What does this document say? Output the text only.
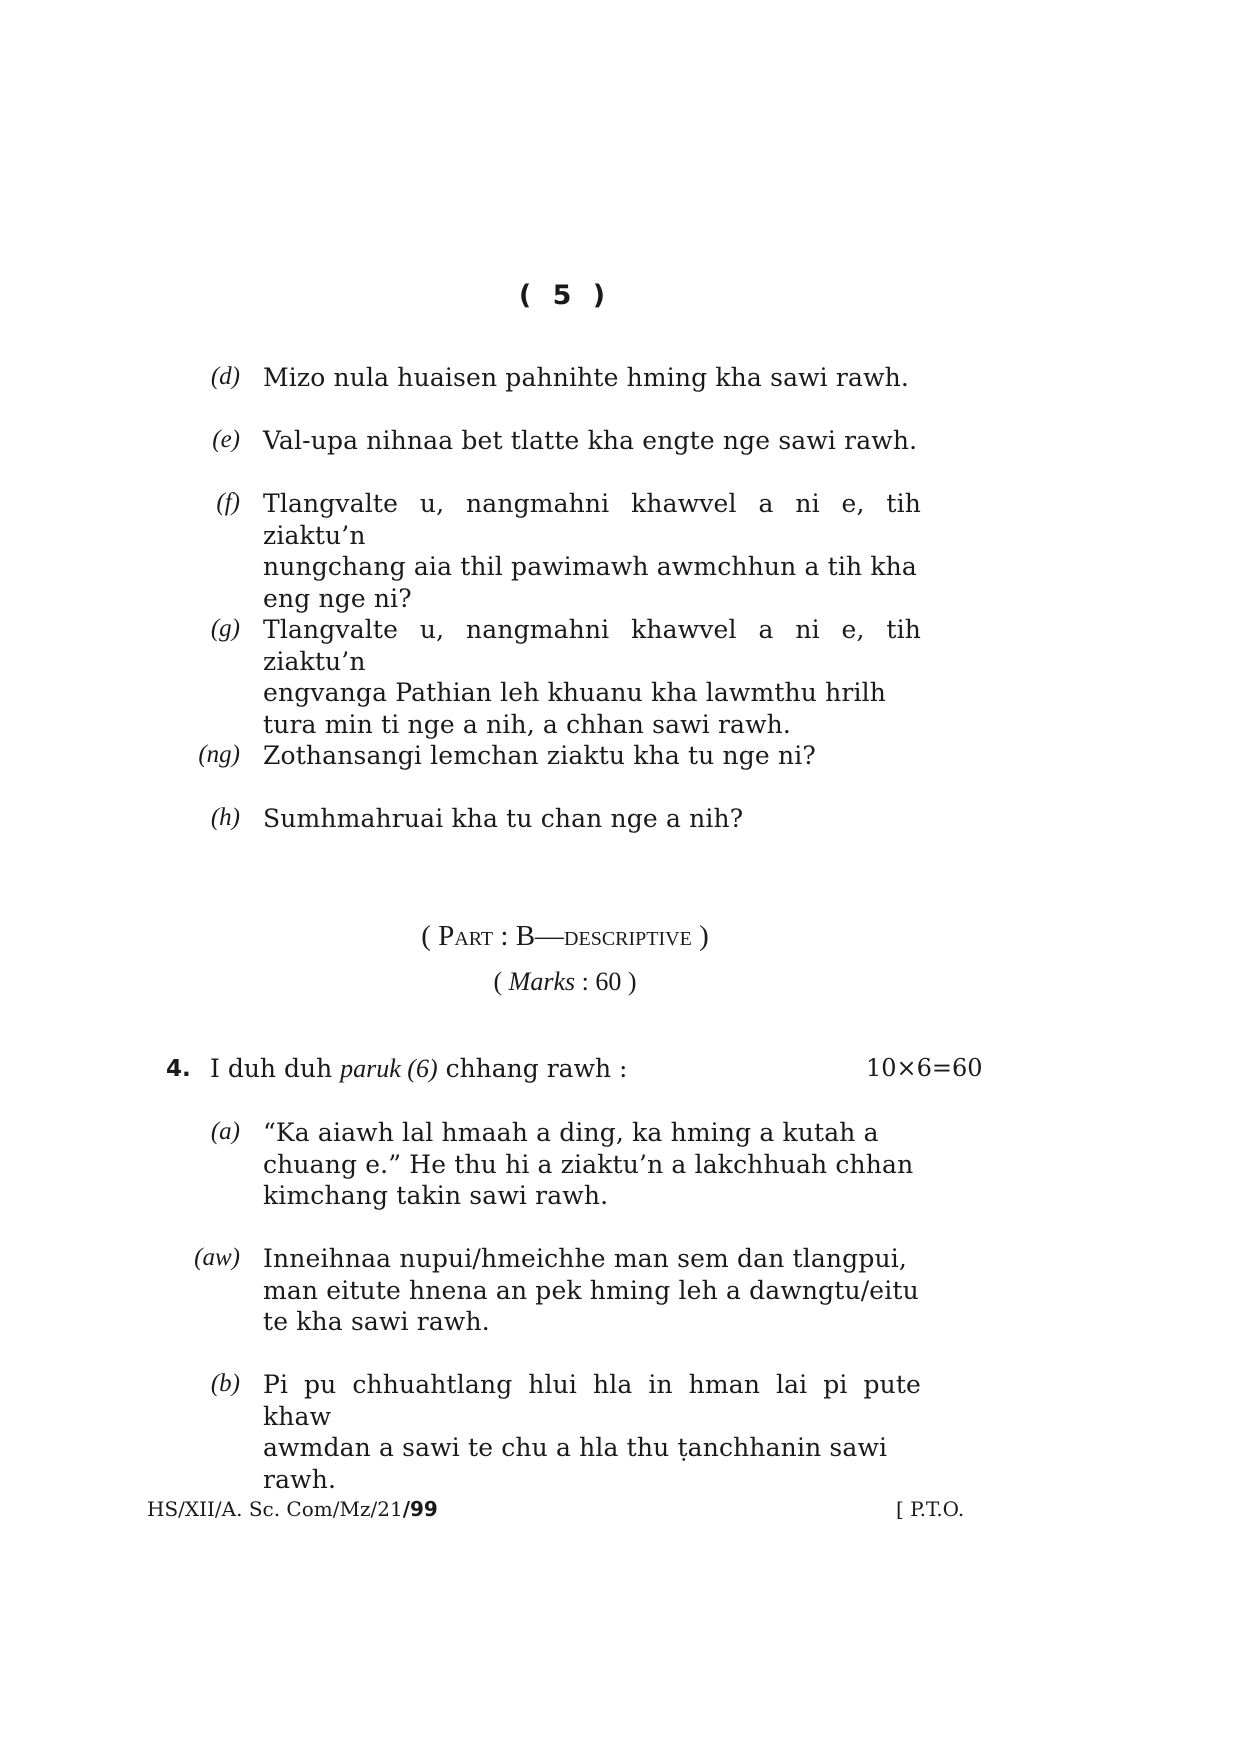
( 5 )
(d) Mizo nula huaisen pahnihte hming kha sawi rawh.
(e) Val-upa nihnaa bet tlatte kha engte nge sawi rawh.
(f) Tlangvalte u, nangmahni khawvel a ni e, tih ziaktu’n
nungchang aia thil pawimawh awmchhun a tih kha
eng nge ni?
(g) Tlangvalte u, nangmahni khawvel a ni e, tih ziaktu’n
engvanga Pathian leh khuanu kha lawmthu hrilh
tura min ti nge a nih, a chhan sawi rawh.
(ng) Zothansangi lemchan ziaktu kha tu nge ni?
(h) Sumhmahruai kha tu chan nge a nih?
( Part : B—descriptive )
( Marks : 60 )
4. I duh duh paruk (6) chhang rawh :	10×6=60
(a) “Ka aiawh lal hmaah a ding, ka hming a kutah a
chuang e.” He thu hi a ziaktu’n a lakchhuah chhan
kimchang takin sawi rawh.
(aw) Inneihnaa nupui/hmeichhe man sem dan tlangpui,
man eitute hnena an pek hming leh a dawngtu/eitu
te kha sawi rawh.
(b) Pi pu chhuahtlang hlui hla in hman lai pi pute khaw
awmdan a sawi te chu a hla thu ṭanchhanin sawi
rawh.
HS/XII/A. Sc. Com/Mz/21/99	[ P.T.O.
